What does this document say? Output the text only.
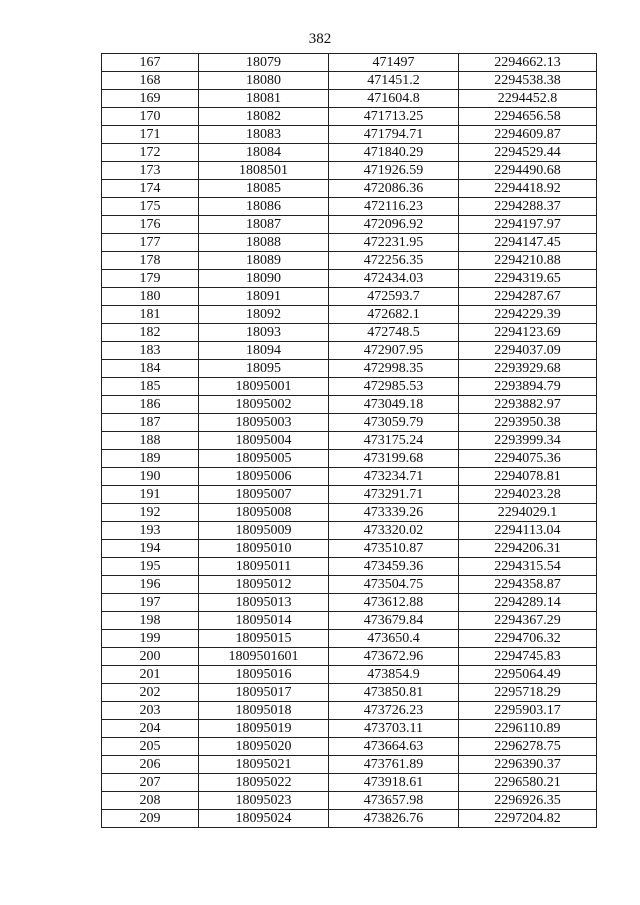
382
167	18079	471497	2294662.13
168	18080	471451.2	2294538.38
169	18081	471604.8	2294452.8
170	18082	471713.25	2294656.58
171	18083	471794.71	2294609.87
172	18084	471840.29	2294529.44
173	1808501	471926.59	2294490.68
174	18085	472086.36	2294418.92
175	18086	472116.23	2294288.37
176	18087	472096.92	2294197.97
177	18088	472231.95	2294147.45
178	18089	472256.35	2294210.88
179	18090	472434.03	2294319.65
180	18091	472593.7	2294287.67
181	18092	472682.1	2294229.39
182	18093	472748.5	2294123.69
183	18094	472907.95	2294037.09
184	18095	472998.35	2293929.68
185	18095001	472985.53	2293894.79
186	18095002	473049.18	2293882.97
187	18095003	473059.79	2293950.38
188	18095004	473175.24	2293999.34
189	18095005	473199.68	2294075.36
190	18095006	473234.71	2294078.81
191	18095007	473291.71	2294023.28
192	18095008	473339.26	2294029.1
193	18095009	473320.02	2294113.04
194	18095010	473510.87	2294206.31
195	18095011	473459.36	2294315.54
196	18095012	473504.75	2294358.87
197	18095013	473612.88	2294289.14
198	18095014	473679.84	2294367.29
199	18095015	473650.4	2294706.32
200	1809501601	473672.96	2294745.83
201	18095016	473854.9	2295064.49
202	18095017	473850.81	2295718.29
203	18095018	473726.23	2295903.17
204	18095019	473703.11	2296110.89
205	18095020	473664.63	2296278.75
206	18095021	473761.89	2296390.37
207	18095022	473918.61	2296580.21
208	18095023	473657.98	2296926.35
209	18095024	473826.76	2297204.82
